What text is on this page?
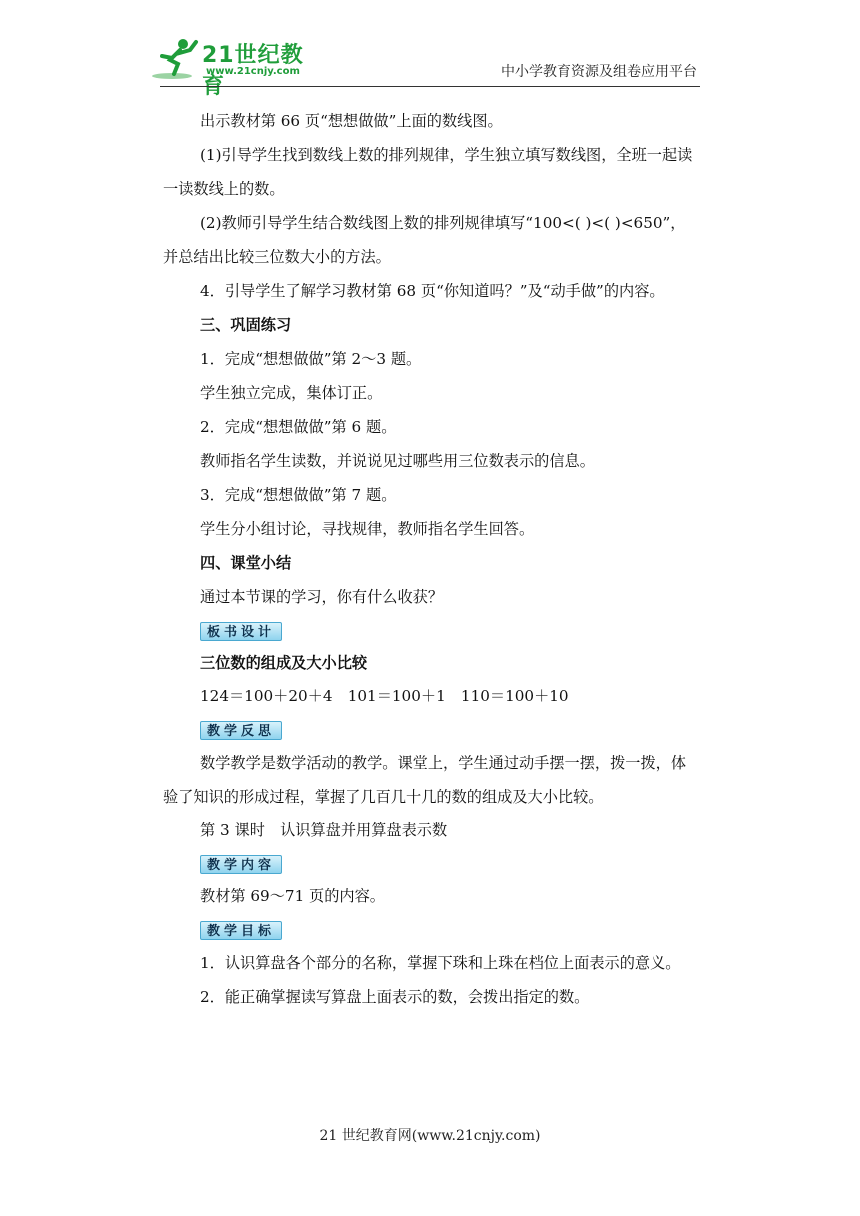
21世纪教育
www.21cnjy.com	中小学教育资源及组卷应用平台

出示教材第 66 页“想想做做”上面的数线图。

(1)引导学生找到数线上数的排列规律，学生独立填写数线图，全班一起读一读数线上的数。

(2)教师引导学生结合数线图上数的排列规律填写“100<( )<( )<650”，并总结出比较三位数大小的方法。

4．引导学生了解学习教材第 68 页“你知道吗？”及“动手做”的内容。

三、巩固练习

1．完成“想想做做”第 2～3 题。

学生独立完成，集体订正。

2．完成“想想做做”第 6 题。

教师指名学生读数，并说说见过哪些用三位数表示的信息。

3．完成“想想做做”第 7 题。

学生分小组讨论，寻找规律，教师指名学生回答。

四、课堂小结

通过本节课的学习，你有什么收获？

板书设计

三位数的组成及大小比较

124＝100＋20＋4　101＝100＋1　110＝100＋10

教学反思

数学教学是数学活动的教学。课堂上，学生通过动手摆一摆，拨一拨，体验了知识的形成过程，掌握了几百几十几的数的组成及大小比较。

第 3 课时　认识算盘并用算盘表示数

教学内容

教材第 69～71 页的内容。

教学目标

1．认识算盘各个部分的名称，掌握下珠和上珠在档位上面表示的意义。

2．能正确掌握读写算盘上面表示的数，会拨出指定的数。

21 世纪教育网(www.21cnjy.com)
